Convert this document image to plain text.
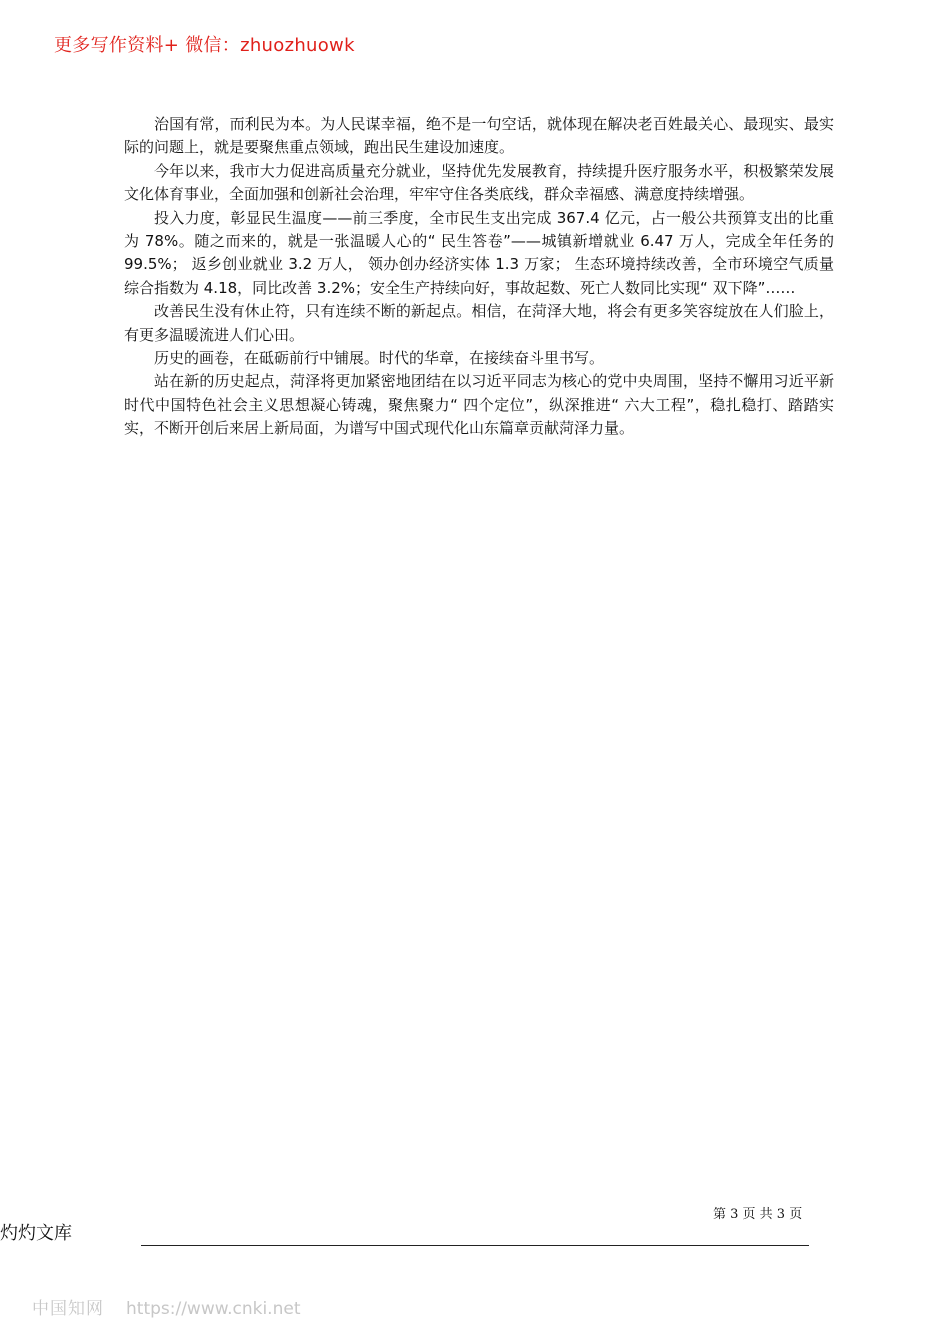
更多写作资料+ 微信：zhuozhuowk

治国有常，而利民为本。为人民谋幸福，绝不是一句空话，就体现在解决老百姓最关心、最现实、最实际的问题上，就是要聚焦重点领域，跑出民生建设加速度。

今年以来，我市大力促进高质量充分就业，坚持优先发展教育，持续提升医疗服务水平，积极繁荣发展文化体育事业，全面加强和创新社会治理，牢牢守住各类底线，群众幸福感、满意度持续增强。

投入力度，彰显民生温度——前三季度，全市民生支出完成 367.4 亿元，占一般公共预算支出的比重为 78%。随之而来的，就是一张温暖人心的“ 民生答卷”——城镇新增就业 6.47 万人，完成全年任务的 99.5%； 返乡创业就业 3.2 万人， 领办创办经济实体 1.3 万家； 生态环境持续改善，全市环境空气质量综合指数为 4.18，同比改善 3.2%；安全生产持续向好，事故起数、死亡人数同比实现“ 双下降”……

改善民生没有休止符，只有连续不断的新起点。相信，在菏泽大地，将会有更多笑容绽放在人们脸上，有更多温暖流进人们心田。

历史的画卷，在砥砺前行中铺展。时代的华章，在接续奋斗里书写。

站在新的历史起点，菏泽将更加紧密地团结在以习近平同志为核心的党中央周围，坚持不懈用习近平新时代中国特色社会主义思想凝心铸魂，聚焦聚力“ 四个定位”，纵深推进“ 六大工程”，稳扎稳打、踏踏实实，不断开创后来居上新局面，为谱写中国式现代化山东篇章贡献菏泽力量。

第 3 页 共 3 页
灼灼文库
中国知网 https://www.cnki.net
